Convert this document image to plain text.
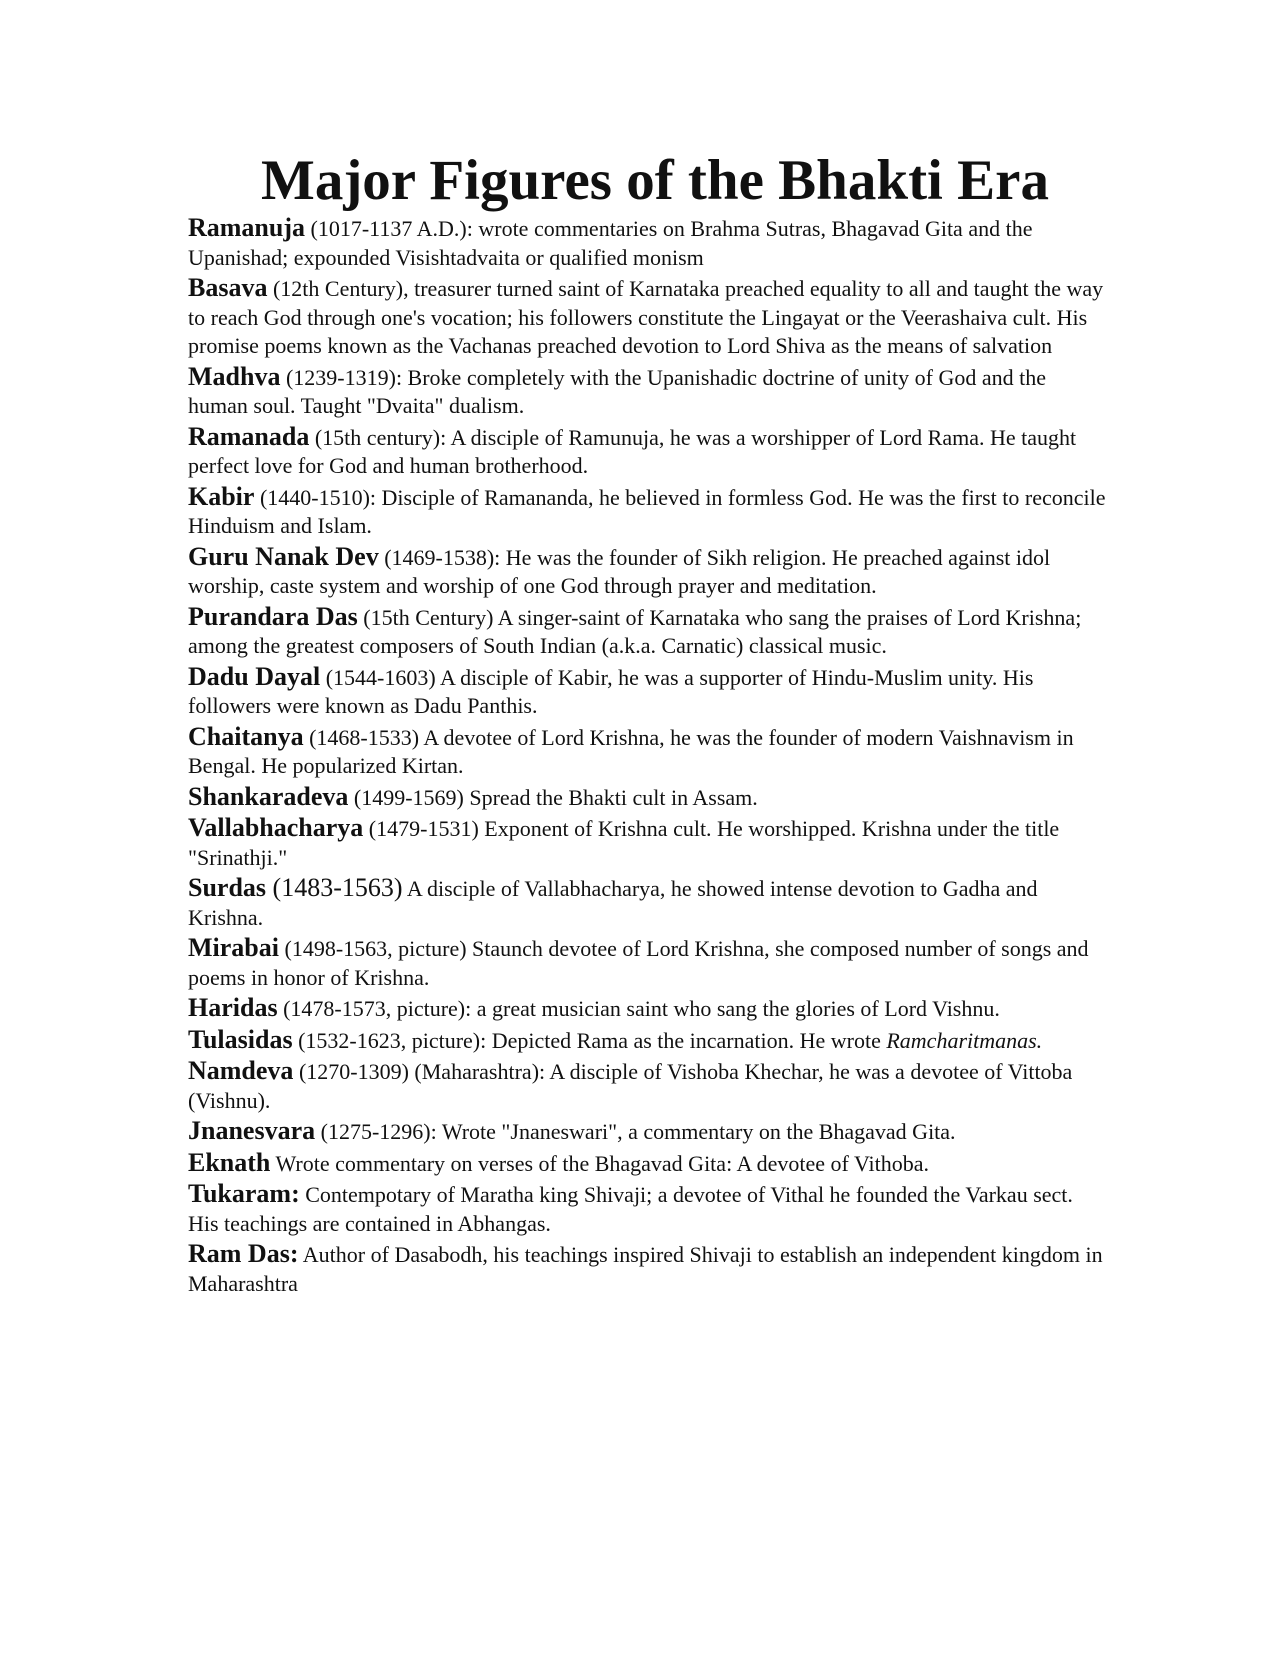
Major Figures of the Bhakti Era

Ramanuja (1017-1137 A.D.): wrote commentaries on Brahma Sutras, Bhagavad Gita and the Upanishad; expounded Visishtadvaita or qualified monism

Basava (12th Century), treasurer turned saint of Karnataka preached equality to all and taught the way to reach God through one's vocation; his followers constitute the Lingayat or the Veerashaiva cult. His promise poems known as the Vachanas preached devotion to Lord Shiva as the means of salvation

Madhva (1239-1319): Broke completely with the Upanishadic doctrine of unity of God and the human soul. Taught "Dvaita" dualism.

Ramanada (15th century): A disciple of Ramunuja, he was a worshipper of Lord Rama. He taught perfect love for God and human brotherhood.

Kabir (1440-1510): Disciple of Ramananda, he believed in formless God. He was the first to reconcile Hinduism and Islam.

Guru Nanak Dev (1469-1538): He was the founder of Sikh religion. He preached against idol worship, caste system and worship of one God through prayer and meditation.

Purandara Das (15th Century) A singer-saint of Karnataka who sang the praises of Lord Krishna; among the greatest composers of South Indian (a.k.a. Carnatic) classical music.

Dadu Dayal (1544-1603) A disciple of Kabir, he was a supporter of Hindu-Muslim unity. His followers were known as Dadu Panthis.

Chaitanya (1468-1533) A devotee of Lord Krishna, he was the founder of modern Vaishnavism in Bengal. He popularized Kirtan.

Shankaradeva (1499-1569) Spread the Bhakti cult in Assam.

Vallabhacharya (1479-1531) Exponent of Krishna cult. He worshipped. Krishna under the title "Srinathji."

Surdas (1483-1563) A disciple of Vallabhacharya, he showed intense devotion to Gadha and Krishna.

Mirabai (1498-1563, picture) Staunch devotee of Lord Krishna, she composed number of songs and poems in honor of Krishna.

Haridas (1478-1573, picture): a great musician saint who sang the glories of Lord Vishnu.

Tulasidas (1532-1623, picture): Depicted Rama as the incarnation. He wrote Ramcharitmanas.

Namdeva (1270-1309) (Maharashtra): A disciple of Vishoba Khechar, he was a devotee of Vittoba (Vishnu).

Jnanesvara (1275-1296): Wrote "Jnaneswari", a commentary on the Bhagavad Gita.

Eknath Wrote commentary on verses of the Bhagavad Gita: A devotee of Vithoba.

Tukaram: Contempotary of Maratha king Shivaji; a devotee of Vithal he founded the Varkau sect. His teachings are contained in Abhangas.

Ram Das: Author of Dasabodh, his teachings inspired Shivaji to establish an independent kingdom in Maharashtra
